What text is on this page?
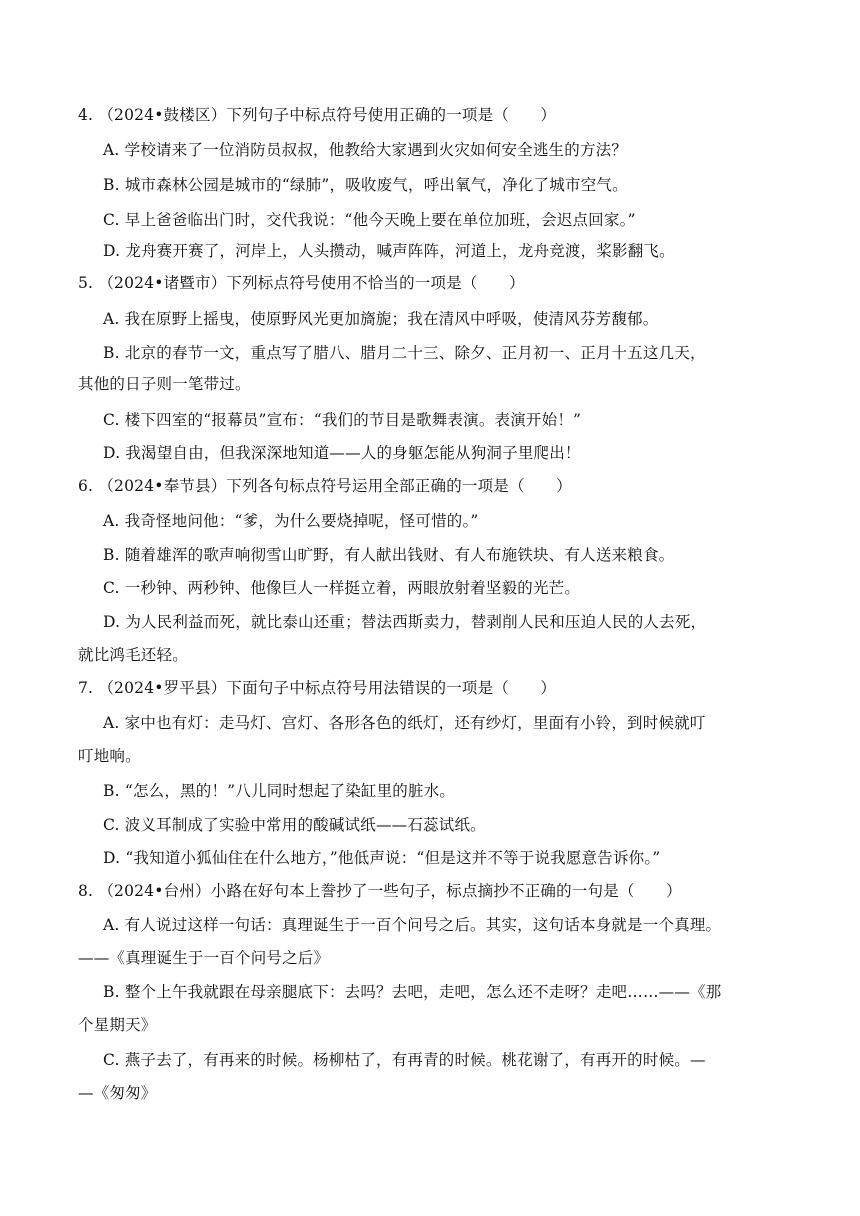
4. （2024•鼓楼区）下列句子中标点符号使用正确的一项是（　　）
A. 学校请来了一位消防员叔叔，他教给大家遇到火灾如何安全逃生的方法？
B. 城市森林公园是城市的“绿肺”，吸收废气，呼出氧气，净化了城市空气。
C. 早上爸爸临出门时，交代我说：“他今天晚上要在单位加班，会迟点回家。”
D. 龙舟赛开赛了，河岸上，人头攒动，喊声阵阵，河道上，龙舟竞渡，桨影翻飞。
5. （2024•诸暨市）下列标点符号使用不恰当的一项是（　　）
A. 我在原野上摇曳，使原野风光更加旖旎；我在清风中呼吸，使清风芬芳馥郁。
B. 北京的春节一文，重点写了腊八、腊月二十三、除夕、正月初一、正月十五这几天，
其他的日子则一笔带过。
C. 楼下四室的“报幕员”宣布：“我们的节目是歌舞表演。表演开始！”
D. 我渴望自由，但我深深地知道——人的身躯怎能从狗洞子里爬出！
6. （2024•奉节县）下列各句标点符号运用全部正确的一项是（　　）
A. 我奇怪地问他：“爹，为什么要烧掉呢，怪可惜的。”
B. 随着雄浑的歌声响彻雪山旷野，有人献出钱财、有人布施铁块、有人送来粮食。
C. 一秒钟、两秒钟、他像巨人一样挺立着，两眼放射着坚毅的光芒。
D. 为人民利益而死，就比泰山还重；替法西斯卖力，替剥削人民和压迫人民的人去死，
就比鸿毛还轻。
7. （2024•罗平县）下面句子中标点符号用法错误的一项是（　　）
A. 家中也有灯：走马灯、宫灯、各形各色的纸灯，还有纱灯，里面有小铃，到时候就叮
叮地响。
B. “怎么，黑的！”八儿同时想起了染缸里的脏水。
C. 波义耳制成了实验中常用的酸碱试纸——石蕊试纸。
D. “我知道小狐仙住在什么地方，”他低声说：“但是这并不等于说我愿意告诉你。”
8. （2024•台州）小路在好句本上誊抄了一些句子，标点摘抄不正确的一句是（　　）
A. 有人说过这样一句话：真理诞生于一百个问号之后。其实，这句话本身就是一个真理。
——《真理诞生于一百个问号之后》
B. 整个上午我就跟在母亲腿底下：去吗？去吧，走吧，怎么还不走呀？走吧……——《那
个星期天》
C. 燕子去了，有再来的时候。杨柳枯了，有再青的时候。桃花谢了，有再开的时候。—
—《匆匆》
